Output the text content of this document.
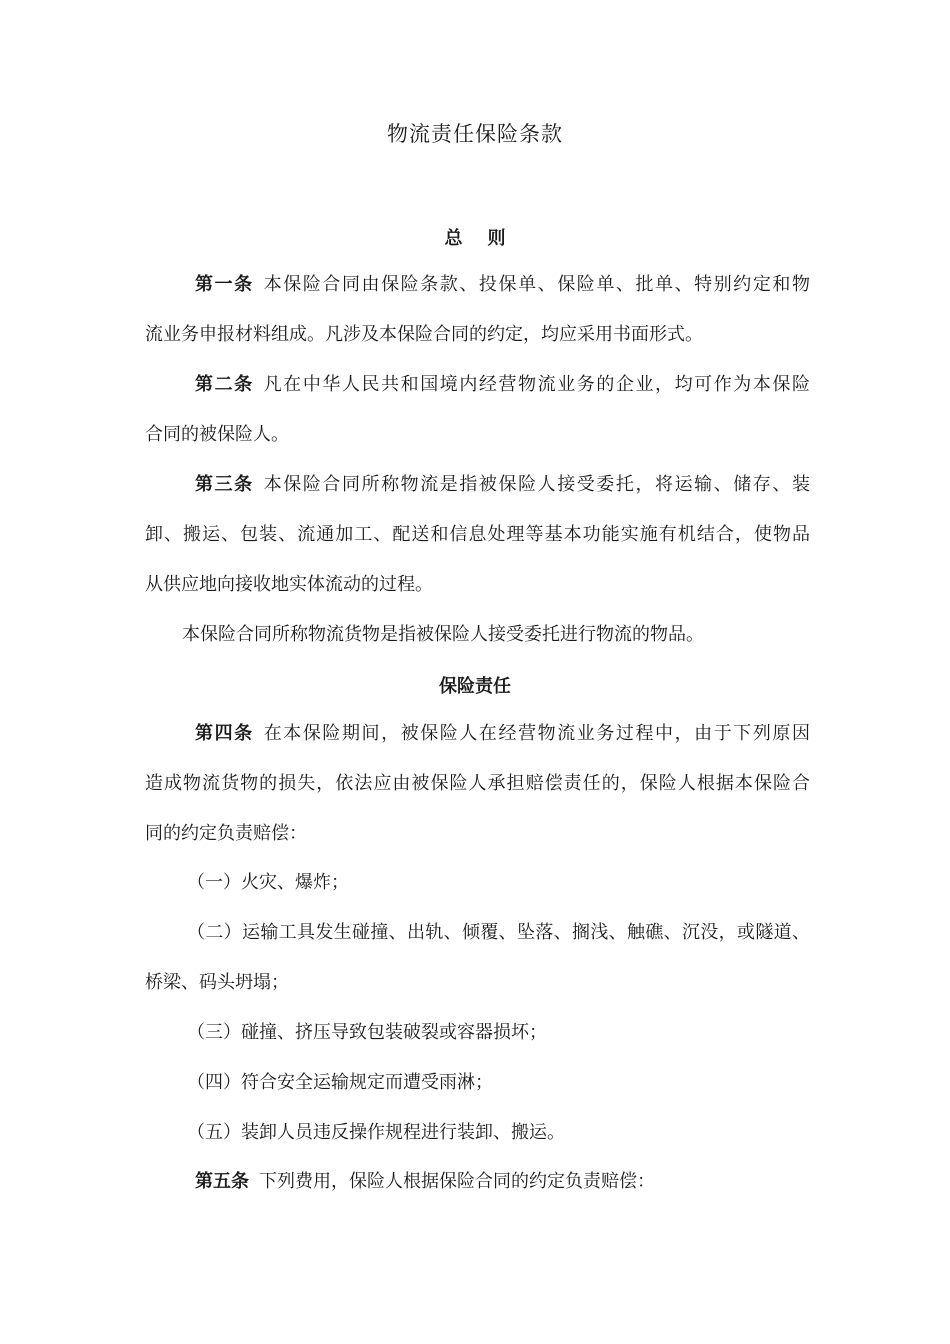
物流责任保险条款
总    则
第一条 本保险合同由保险条款、投保单、保险单、批单、特别约定和物
流业务申报材料组成。凡涉及本保险合同的约定，均应采用书面形式。
第二条 凡在中华人民共和国境内经营物流业务的企业，均可作为本保险
合同的被保险人。
第三条 本保险合同所称物流是指被保险人接受委托，将运输、储存、装
卸、搬运、包装、流通加工、配送和信息处理等基本功能实施有机结合，使物品
从供应地向接收地实体流动的过程。
本保险合同所称物流货物是指被保险人接受委托进行物流的物品。
保险责任
第四条 在本保险期间，被保险人在经营物流业务过程中，由于下列原因
造成物流货物的损失，依法应由被保险人承担赔偿责任的，保险人根据本保险合
同的约定负责赔偿：
（一）火灾、爆炸；
（二）运输工具发生碰撞、出轨、倾覆、坠落、搁浅、触礁、沉没，或隧道、
桥梁、码头坍塌；
（三）碰撞、挤压导致包装破裂或容器损坏；
（四）符合安全运输规定而遭受雨淋；
（五）装卸人员违反操作规程进行装卸、搬运。
第五条 下列费用，保险人根据保险合同的约定负责赔偿：
